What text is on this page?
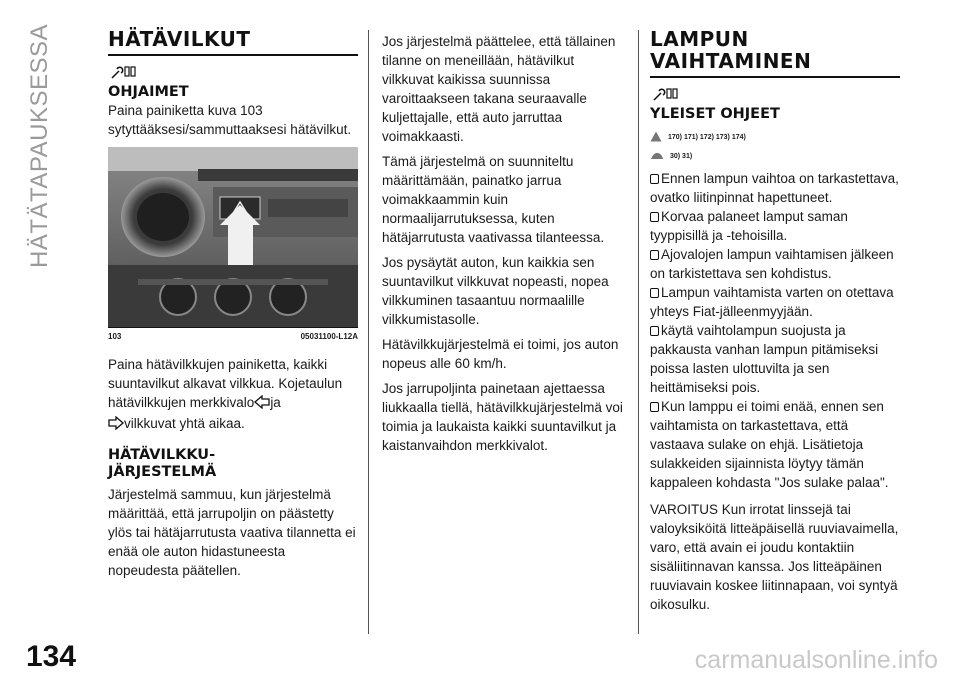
HÄTÄTAPAUKSESSA	HÄTÄVILKUT
OHJAIMET

Paina painiketta kuva 103 sytyttääksesi/sammuttaaksesi hätävilkut.

103	05031100-L12A

Paina hätävilkkujen painiketta, kaikki suuntavilkut alkavat vilkkua. Kojetaulun hätävilkkujen merkkivalo ja
vilkkuvat yhtä aikaa.

HÄTÄVILKKU-
JÄRJESTELMÄ

Järjestelmä sammuu, kun järjestelmä määrittää, että jarrupoljin on päästetty ylös tai hätäjarrutusta vaativa tilannetta ei enää ole auton hidastuneesta nopeudesta päätellen.

Jos järjestelmä päättelee, että tällainen tilanne on meneillään, hätävilkut vilkkuvat kaikissa suunnissa varoittaakseen takana seuraavalle kuljettajalle, että auto jarruttaa voimakkaasti.

Tämä järjestelmä on suunniteltu määrittämään, painatko jarrua voimakkaammin kuin normaalijarrutuksessa, kuten hätäjarrutusta vaativassa tilanteessa.

Jos pysäytät auton, kun kaikkia sen suuntavilkut vilkkuvat nopeasti, nopea vilkkuminen tasaantuu normaalille vilkkumistasolle.

Hätävilkkujärjestelmä ei toimi, jos auton nopeus alle 60 km/h.

Jos jarrupoljinta painetaan ajettaessa liukkaalla tiellä, hätävilkkujärjestelmä voi toimia ja laukaista kaikki suuntavilkut ja kaistanvaihdon merkkivalot.

LAMPUN
VAIHTAMINEN
YLEISET OHJEET
170) 171) 172) 173) 174)
30) 31)

Ennen lampun vaihtoa on tarkastettava, ovatko liitinpinnat hapettuneet.

Korvaa palaneet lamput saman tyyppisillä ja -tehoisilla.

Ajovalojen lampun vaihtamisen jälkeen on tarkistettava sen kohdistus.

Lampun vaihtamista varten on otettava yhteys Fiat-jälleenmyyjään.

käytä vaihtolampun suojusta ja pakkausta vanhan lampun pitämiseksi poissa lasten ulottuvilta ja sen heittämiseksi pois.

Kun lamppu ei toimi enää, ennen sen vaihtamista on tarkastettava, että vastaava sulake on ehjä. Lisätietoja sulakkeiden sijainnista löytyy tämän kappaleen kohdasta "Jos sulake palaa".

VAROITUS Kun irrotat linssejä tai valoyksiköitä litteäpäisellä ruuviavaimella, varo, että avain ei joudu kontaktiin sisäliitinnavan kanssa. Jos litteäpäinen ruuviavain koskee liitinnapaan, voi syntyä oikosulku.

134	carmanualsonline.info
